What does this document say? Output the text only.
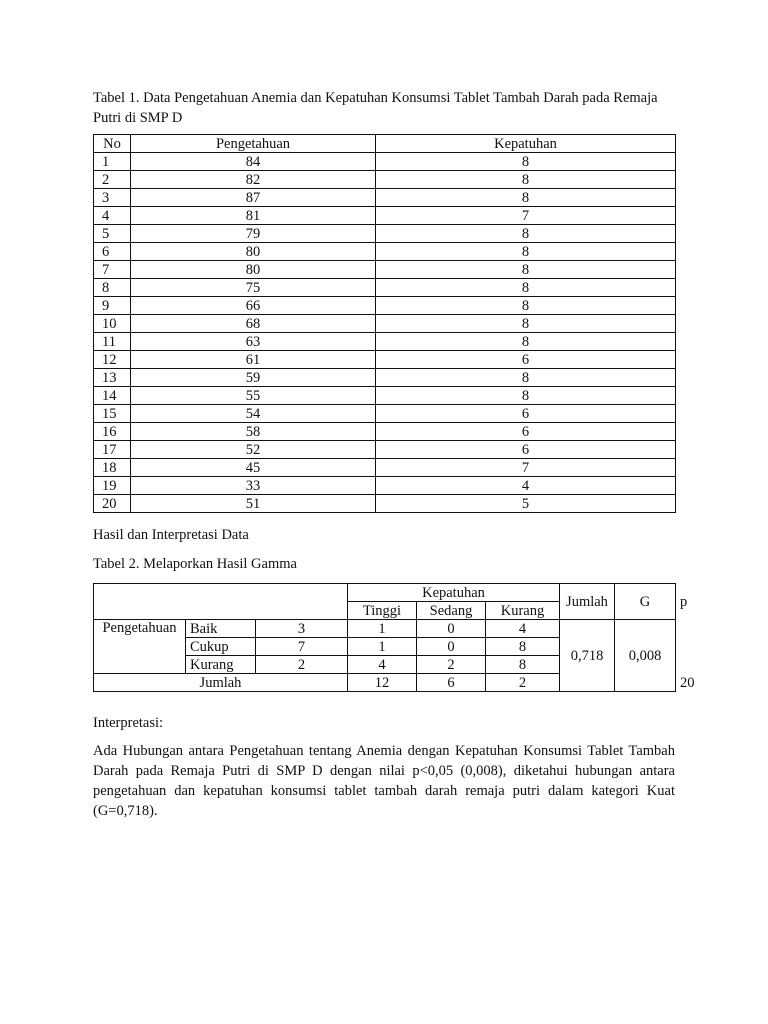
Tabel 1. Data Pengetahuan Anemia dan Kepatuhan Konsumsi Tablet Tambah Darah pada Remaja Putri di SMP D
No	Pengetahuan	Kepatuhan
1	84	8
2	82	8
3	87	8
4	81	7
5	79	8
6	80	8
7	80	8
8	75	8
9	66	8
10	68	8
11	63	8
12	61	6
13	59	8
14	55	8
15	54	6
16	58	6
17	52	6
18	45	7
19	33	4
20	51	5
Hasil dan Interpretasi Data
Tabel 2. Melaporkan Hasil Gamma
			Kepatuhan			Jumlah	G	p
			Tinggi	Sedang	Kurang			
Pengetahuan	Baik	3	1	0	4	0,718	0,008	
	Cukup	7	1	0	8			
	Kurang	2	4	2	8			
Jumlah			12	6	2			20
Interpretasi:
Ada Hubungan antara Pengetahuan tentang Anemia dengan Kepatuhan Konsumsi Tablet Tambah Darah pada Remaja Putri di SMP D dengan nilai p<0,05 (0,008), diketahui hubungan antara pengetahuan dan kepatuhan konsumsi tablet tambah darah remaja putri dalam kategori Kuat (G=0,718).
